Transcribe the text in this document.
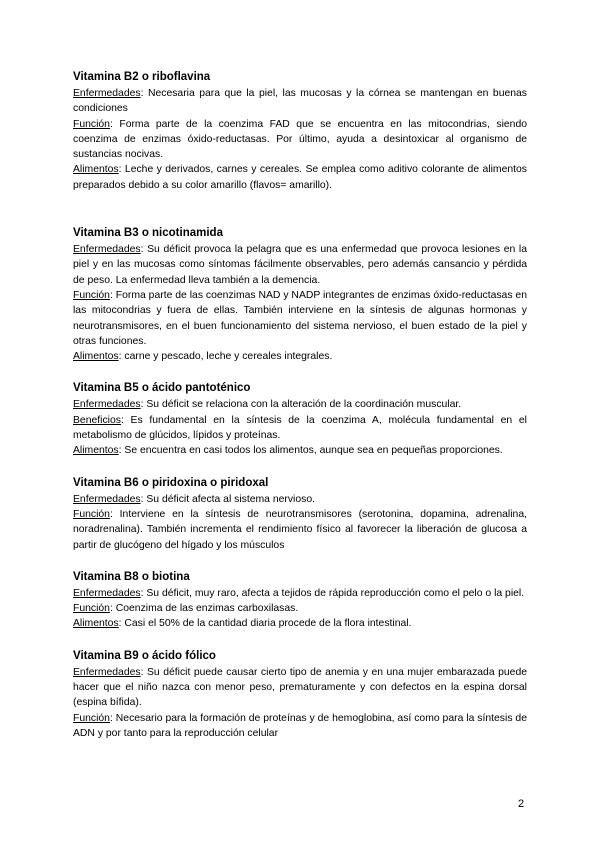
Vitamina B2 o riboflavina

Enfermedades: Necesaria para que la piel, las mucosas y la córnea se mantengan en buenas condiciones

Función: Forma parte de la coenzima FAD que se encuentra en las mitocondrias, siendo coenzima de enzimas óxido-reductasas. Por último, ayuda a desintoxicar al organismo de sustancias nocivas.

Alimentos: Leche y derivados, carnes y cereales. Se emplea como aditivo colorante de alimentos preparados debido a su color amarillo (flavos= amarillo).

Vitamina B3 o nicotinamida

Enfermedades: Su déficit provoca la pelagra que es una enfermedad que provoca lesiones en la piel y en las mucosas como síntomas fácilmente observables, pero además cansancio y pérdida de peso. La enfermedad lleva también a la demencia.

Función: Forma parte de las coenzimas NAD y NADP integrantes de enzimas óxido-reductasas en las mitocondrias y fuera de ellas. También interviene en la síntesis de algunas hormonas y neurotransmisores, en el buen funcionamiento del sistema nervioso, el buen estado de la piel y otras funciones.

Alimentos: carne y pescado, leche y cereales integrales.

Vitamina B5 o ácido pantoténico

Enfermedades: Su déficit se relaciona con la alteración de la coordinación muscular.

Beneficios: Es fundamental en la síntesis de la coenzima A, molécula fundamental en el metabolismo de glúcidos, lípidos y proteínas.

Alimentos: Se encuentra en casi todos los alimentos, aunque sea en pequeñas proporciones.

Vitamina B6 o piridoxina o piridoxal

Enfermedades: Su déficit afecta al sistema nervioso.

Función: Interviene en la síntesis de neurotransmisores (serotonina, dopamina, adrenalina, noradrenalina). También incrementa el rendimiento físico al favorecer la liberación de glucosa a partir de glucógeno del hígado y los músculos

Vitamina B8 o biotina

Enfermedades: Su déficit, muy raro, afecta a tejidos de rápida reproducción como el pelo o la piel.

Función: Coenzima de las enzimas carboxilasas.

Alimentos: Casi el 50% de la cantidad diaria procede de la flora intestinal.

Vitamina B9 o ácido fólico

Enfermedades: Su déficit puede causar cierto tipo de anemia y en una mujer embarazada puede hacer que el niño nazca con menor peso, prematuramente y con defectos en la espina dorsal (espina bífida).

Función: Necesario para la formación de proteínas y de hemoglobina, así como para la síntesis de ADN y por tanto para la reproducción celular

2
